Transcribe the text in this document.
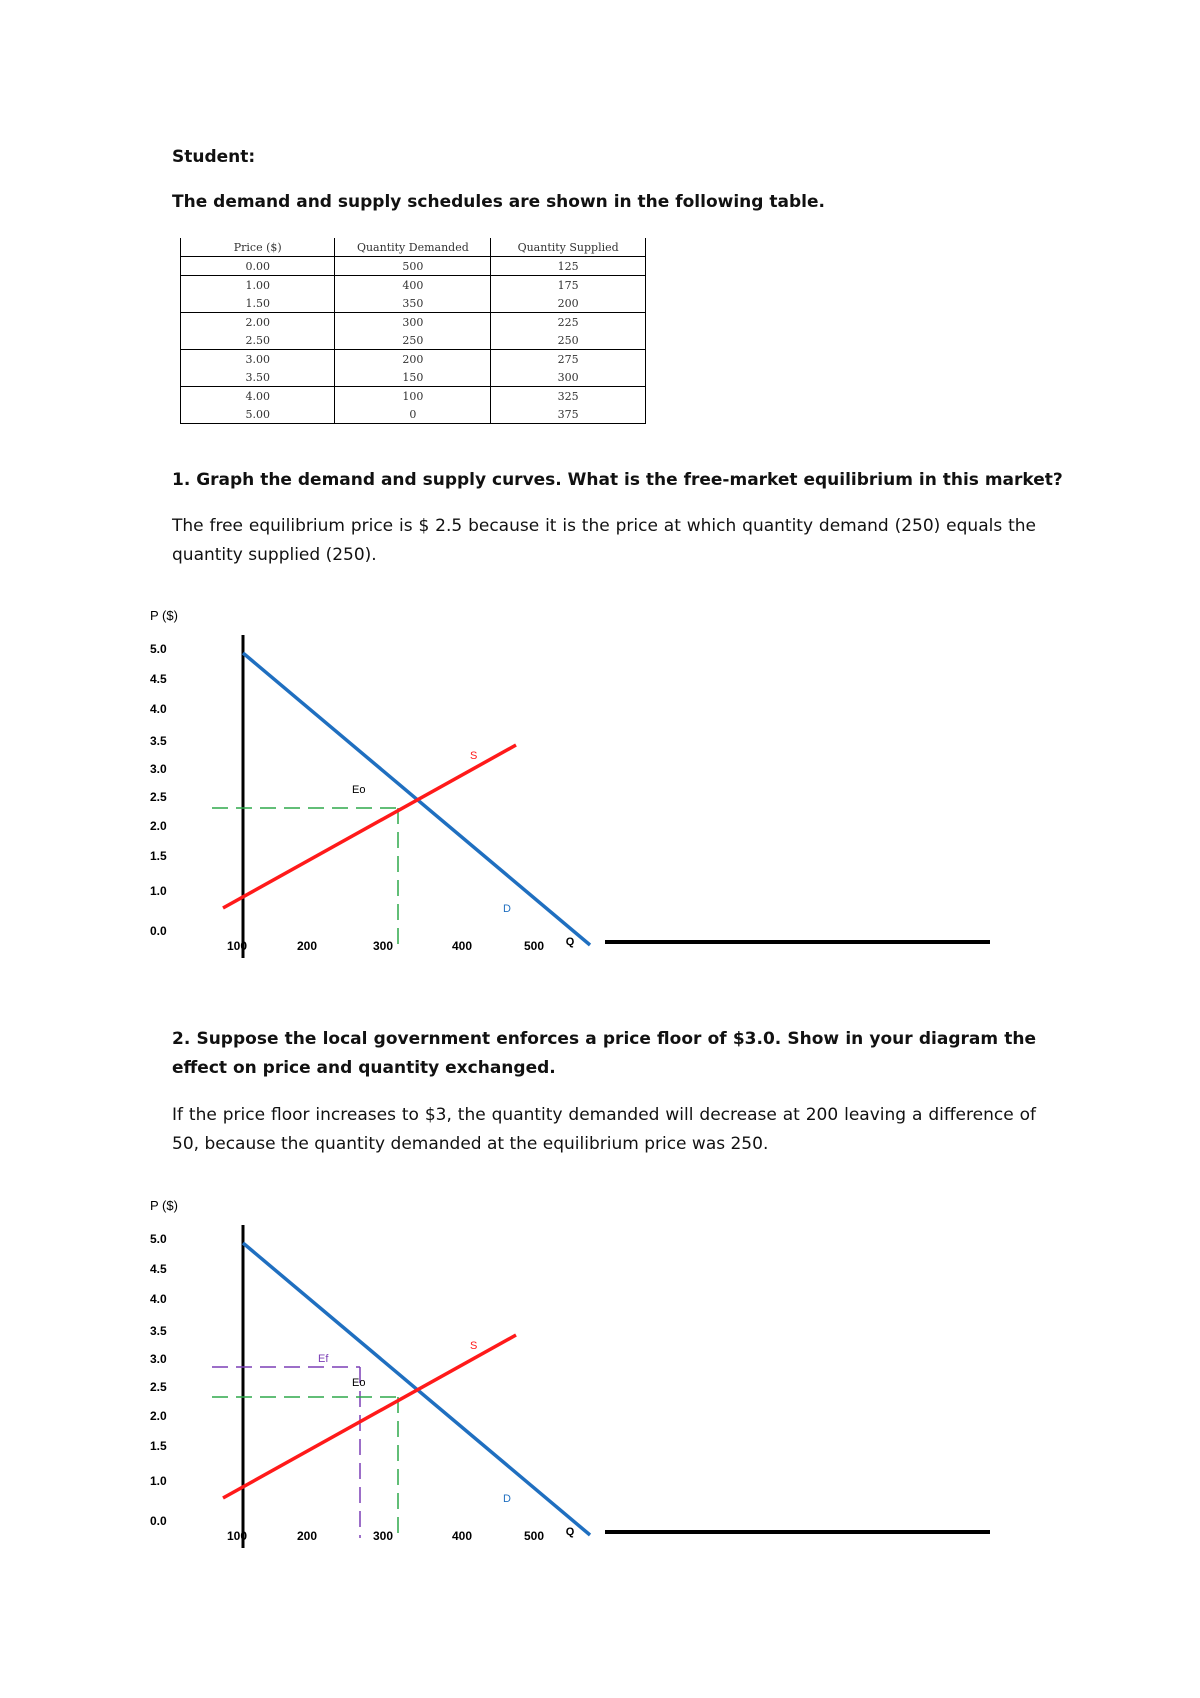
Student:
The demand and supply schedules are shown in the following table.
Price ($)	Quantity Demanded	Quantity Supplied
0.00	500	125
1.00	400	175
1.50	350	200
2.00	300	225
2.50	250	250
3.00	200	275
3.50	150	300
4.00	100	325
5.00	0	375
1. Graph the demand and supply curves. What is the free-market equilibrium in this market?
The free equilibrium price is $ 2.5 because it is the price at which quantity demand (250) equals the quantity supplied (250).
P ($)
5.0
4.5
4.0
3.5
3.0
2.5
2.0
1.5
1.0
0.0
100	200	300	400	500 Q
Eo
S
D
2. Suppose the local government enforces a price floor of $3.0. Show in your diagram the effect on price and quantity exchanged.
If the price floor increases to $3, the quantity demanded will decrease at 200 leaving a difference of 50, because the quantity demanded at the equilibrium price was 250.
P ($)
5.0
4.5
4.0
3.5
3.0
2.5
2.0
1.5
1.0
0.0
100	200	300	400	500 Q
Ef
Eo
S
D
